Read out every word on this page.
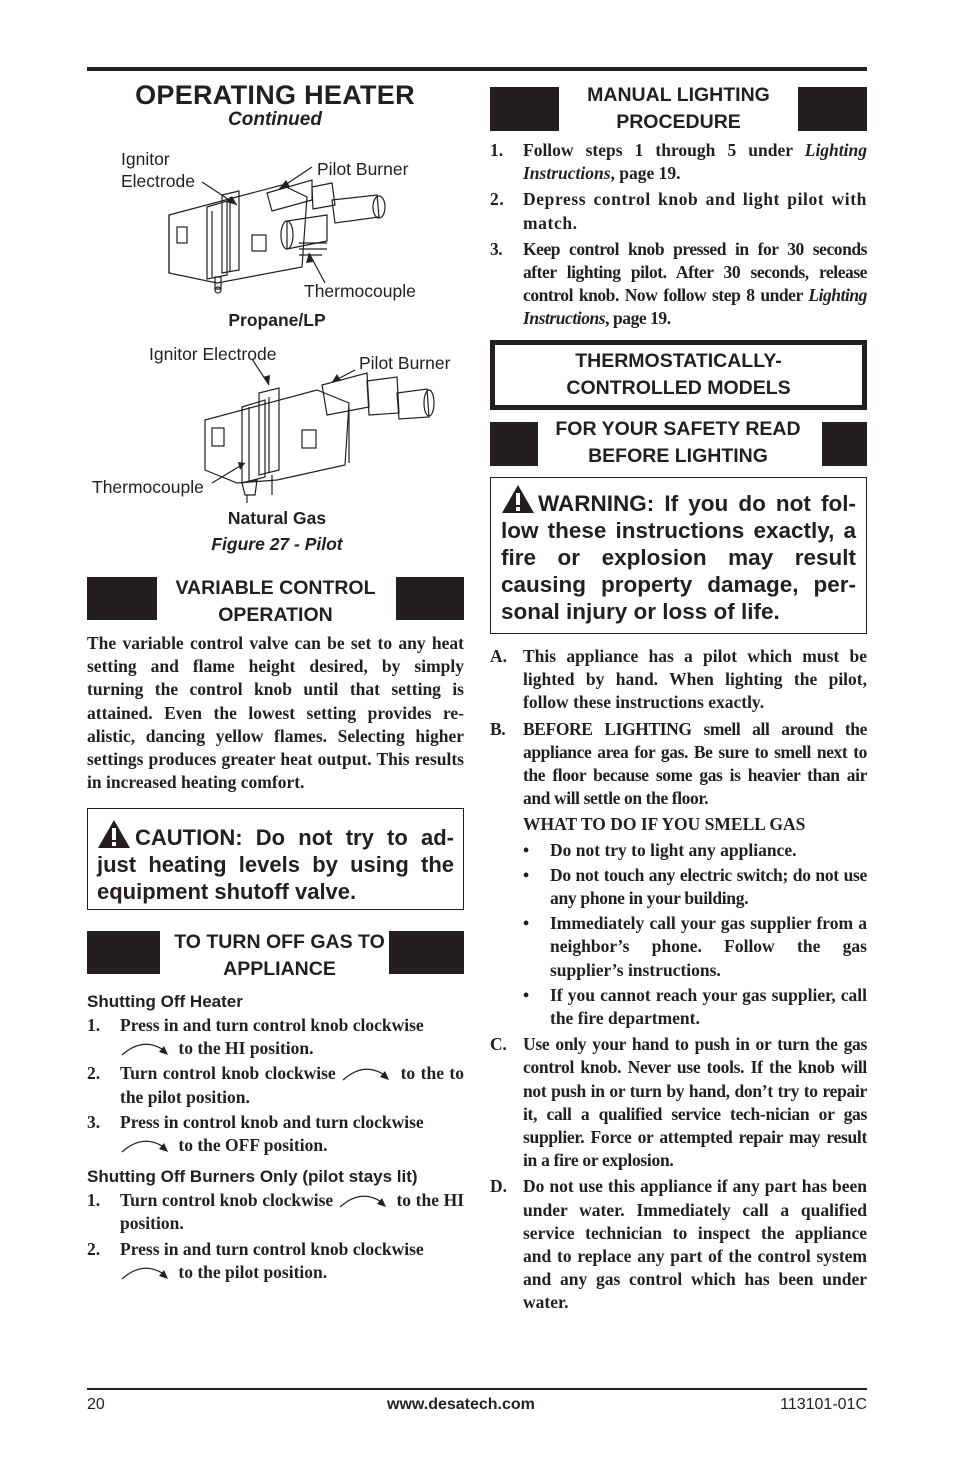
OPERATING HEATER
Continued
Ignitor
Electrode
Pilot Burner
Thermocouple
Propane/LP
Ignitor Electrode	Pilot Burner
Thermocouple
Natural Gas
Figure 27 - Pilot
VARIABLE CONTROL OPERATION
The variable control valve can be set to any heat setting and flame height desired, by simply turning the control knob until that setting is attained. Even the lowest setting provides re-alistic, dancing yellow flames. Selecting higher settings produces greater heat output. This results in increased heating comfort.
CAUTION: Do not try to ad-just heating levels by using the equipment shutoff valve.
TO TURN OFF GAS TO APPLIANCE
Shutting Off Heater
1. Press in and turn control knob clockwise
to the HI position.
2. Turn control knob clockwise	to the to the pilot position.
3. Press in control knob and turn clockwise
to the OFF position.
Shutting Off Burners Only (pilot stays lit)
1. Turn control knob clockwise	to the HI position.
2. Press in and turn control knob clockwise
to the pilot position.
MANUAL LIGHTING PROCEDURE
1. Follow steps 1 through 5 under Lighting Instructions, page 19.
2. Depress control knob and light pilot with match.
3. Keep control knob pressed in for 30 seconds after lighting pilot. After 30 seconds, release control knob. Now follow step 8 under Lighting Instructions, page 19.
THERMOSTATICALLY-CONTROLLED MODELS
FOR YOUR SAFETY READ BEFORE LIGHTING
WARNING: If you do not fol-low these instructions exactly, a fire or explosion may result causing property damage, per-sonal injury or loss of life.
A. This appliance has a pilot which must be lighted by hand. When lighting the pilot, follow these instructions exactly.
B. BEFORE LIGHTING smell all around the appliance area for gas. Be sure to smell next to the floor because some gas is heavier than air and will settle on the floor.
WHAT TO DO IF YOU SMELL GAS
• Do not try to light any appliance.
• Do not touch any electric switch; do not use any phone in your building.
• Immediately call your gas supplier from a neighbor’s phone. Follow the gas supplier’s instructions.
• If you cannot reach your gas supplier, call the fire department.
C. Use only your hand to push in or turn the gas control knob. Never use tools. If the knob will not push in or turn by hand, don’t try to repair it, call a qualified service tech-nician or gas supplier. Force or attempted repair may result in a fire or explosion.
D. Do not use this appliance if any part has been under water. Immediately call a qualified service technician to inspect the appliance and to replace any part of the control system and any gas control which has been under water.
20	www.desatech.com	113101-01C
